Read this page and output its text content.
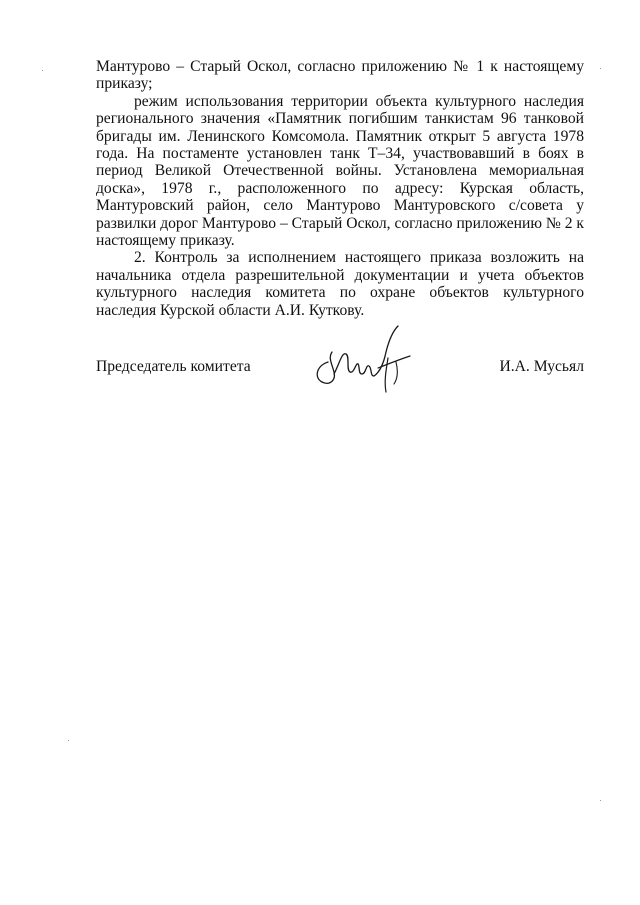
Мантурово – Старый Оскол, согласно приложению № 1 к настоящему приказу;

режим использования территории объекта культурного наследия регионального значения «Памятник погибшим танкистам 96 танковой бригады им. Ленинского Комсомола. Памятник открыт 5 августа 1978 года. На постаменте установлен танк Т–34, участвовавший в боях в период Великой Отечественной войны. Установлена мемориальная доска», 1978 г., расположенного по адресу: Курская область, Мантуровский район, село Мантурово Мантуровского с/совета у развилки дорог Мантурово – Старый Оскол, согласно приложению № 2 к настоящему приказу.

2. Контроль за исполнением настоящего приказа возложить на начальника отдела разрешительной документации и учета объектов культурного наследия комитета по охране объектов культурного наследия Курской области А.И. Куткову.

Председатель комитета	И.А. Мусьял
